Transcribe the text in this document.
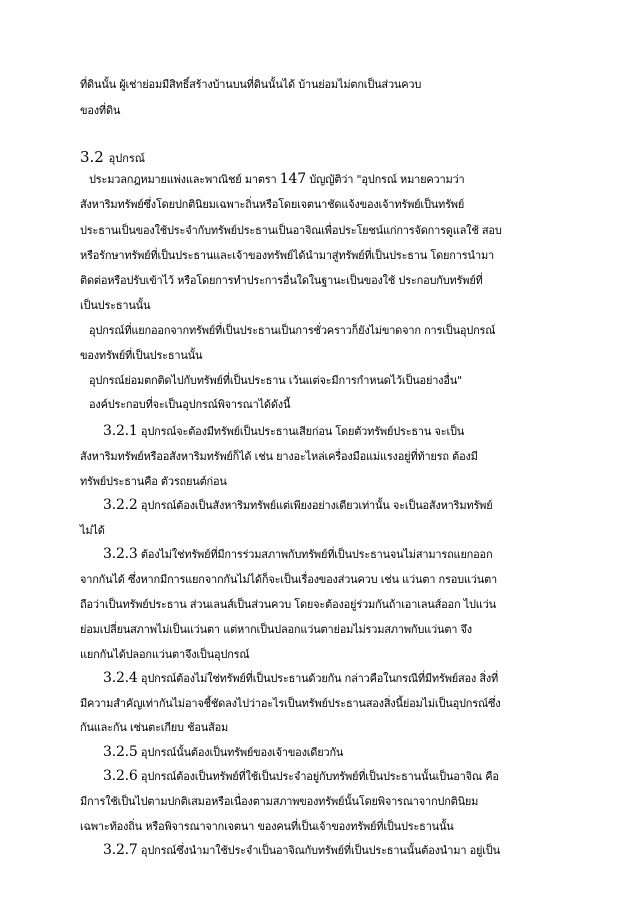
ที่ดินนั้น ผู้เช่าย่อมมีสิทธิ์สร้างบ้านบนที่ดินนั้นได้ บ้านย่อมไม่ตกเป็นส่วนควบ
ของที่ดิน
3.2 อุปกรณ์
ประมวลกฎหมายแพ่งและพาณิชย์ มาตรา 147 บัญญัติว่า "อุปกรณ์ หมายความว่า
สังหาริมทรัพย์ซึ่งโดยปกตินิยมเฉพาะถิ่นหรือโดยเจตนาชัดแจ้งของเจ้าทรัพย์เป็นทรัพย์
ประธานเป็นของใช้ประจำกับทรัพย์ประธานเป็นอาจิณเพื่อประโยชน์แก่การจัดการดูแลใช้ สอบ
หรือรักษาทรัพย์ที่เป็นประธานและเจ้าของทรัพย์ได้นำมาสู่ทรัพย์ที่เป็นประธาน โดยการนำมา
ติดต่อหรือปรับเข้าไว้ หรือโดยการทำประการอื่นใดในฐานะเป็นของใช้ ประกอบกับทรัพย์ที่
เป็นประธานนั้น
อุปกรณ์ที่แยกออกจากทรัพย์ที่เป็นประธานเป็นการชั่วคราวก็ยังไม่ขาดจาก การเป็นอุปกรณ์
ของทรัพย์ที่เป็นประธานนั้น
อุปกรณ์ย่อมตกติดไปกับทรัพย์ที่เป็นประธาน เว้นแต่จะมีการกำหนดไว้เป็นอย่างอื่น"
องค์ประกอบที่จะเป็นอุปกรณ์พิจารณาได้ดังนี้
3.2.1 อุปกรณ์จะต้องมีทรัพย์เป็นประธานเสียก่อน โดยตัวทรัพย์ประธาน จะเป็น
สังหาริมทรัพย์หรืออสังหาริมทรัพย์ก็ได้ เช่น ยางอะไหล่เครื่องมือแม่แรงอยู่ที่ท้ายรถ ต้องมี
ทรัพย์ประธานคือ ตัวรถยนต์ก่อน
3.2.2 อุปกรณ์ต้องเป็นสังหาริมทรัพย์แต่เพียงอย่างเดียวเท่านั้น จะเป็นอสังหาริมทรัพย์
ไม่ได้
3.2.3 ต้องไม่ใช่ทรัพย์ที่มีการร่วมสภาพกับทรัพย์ที่เป็นประธานจนไม่สามารถแยกออก
จากกันได้ ซึ่งหากมีการแยกจากกันไม่ได้ก็จะเป็นเรื่องของส่วนควบ เช่น แว่นตา กรอบแว่นตา
ถือว่าเป็นทรัพย์ประธาน ส่วนเลนส์เป็นส่วนควบ โดยจะต้องอยู่ร่วมกันถ้าเอาเลนส์ออก ไปแว่น
ย่อมเปลี่ยนสภาพไม่เป็นแว่นตา แต่หากเป็นปลอกแว่นตาย่อมไม่รวมสภาพกับแว่นตา จึง
แยกกันได้ปลอกแว่นตาจึงเป็นอุปกรณ์
3.2.4 อุปกรณ์ต้องไม่ใช่ทรัพย์ที่เป็นประธานด้วยกัน กล่าวคือในกรณีที่มีทรัพย์สอง สิ่งที่
มีความสำคัญเท่ากันไม่อาจชี้ชัดลงไปว่าอะไรเป็นทรัพย์ประธานสองสิ่งนี้ย่อมไม่เป็นอุปกรณ์ซึ่ง
กันและกัน เช่นตะเกียบ ช้อนส้อม
3.2.5 อุปกรณ์นั้นต้องเป็นทรัพย์ของเจ้าของเดียวกัน
3.2.6 อุปกรณ์ต้องเป็นทรัพย์ที่ใช้เป็นประจำอยู่กับทรัพย์ที่เป็นประธานนั้นเป็นอาจิณ คือ
มีการใช้เป็นไปตามปกติเสมอหรือเนื่องตามสภาพของทรัพย์นั้นโดยพิจารณาจากปกตินิยม
เฉพาะท้องถิ่น หรือพิจารณาจากเจตนา ของคนที่เป็นเจ้าของทรัพย์ที่เป็นประธานนั้น
3.2.7 อุปกรณ์ซึ่งนำมาใช้ประจำเป็นอาจิณกับทรัพย์ที่เป็นประธานนั้นต้องนำมา อยู่เป็น
